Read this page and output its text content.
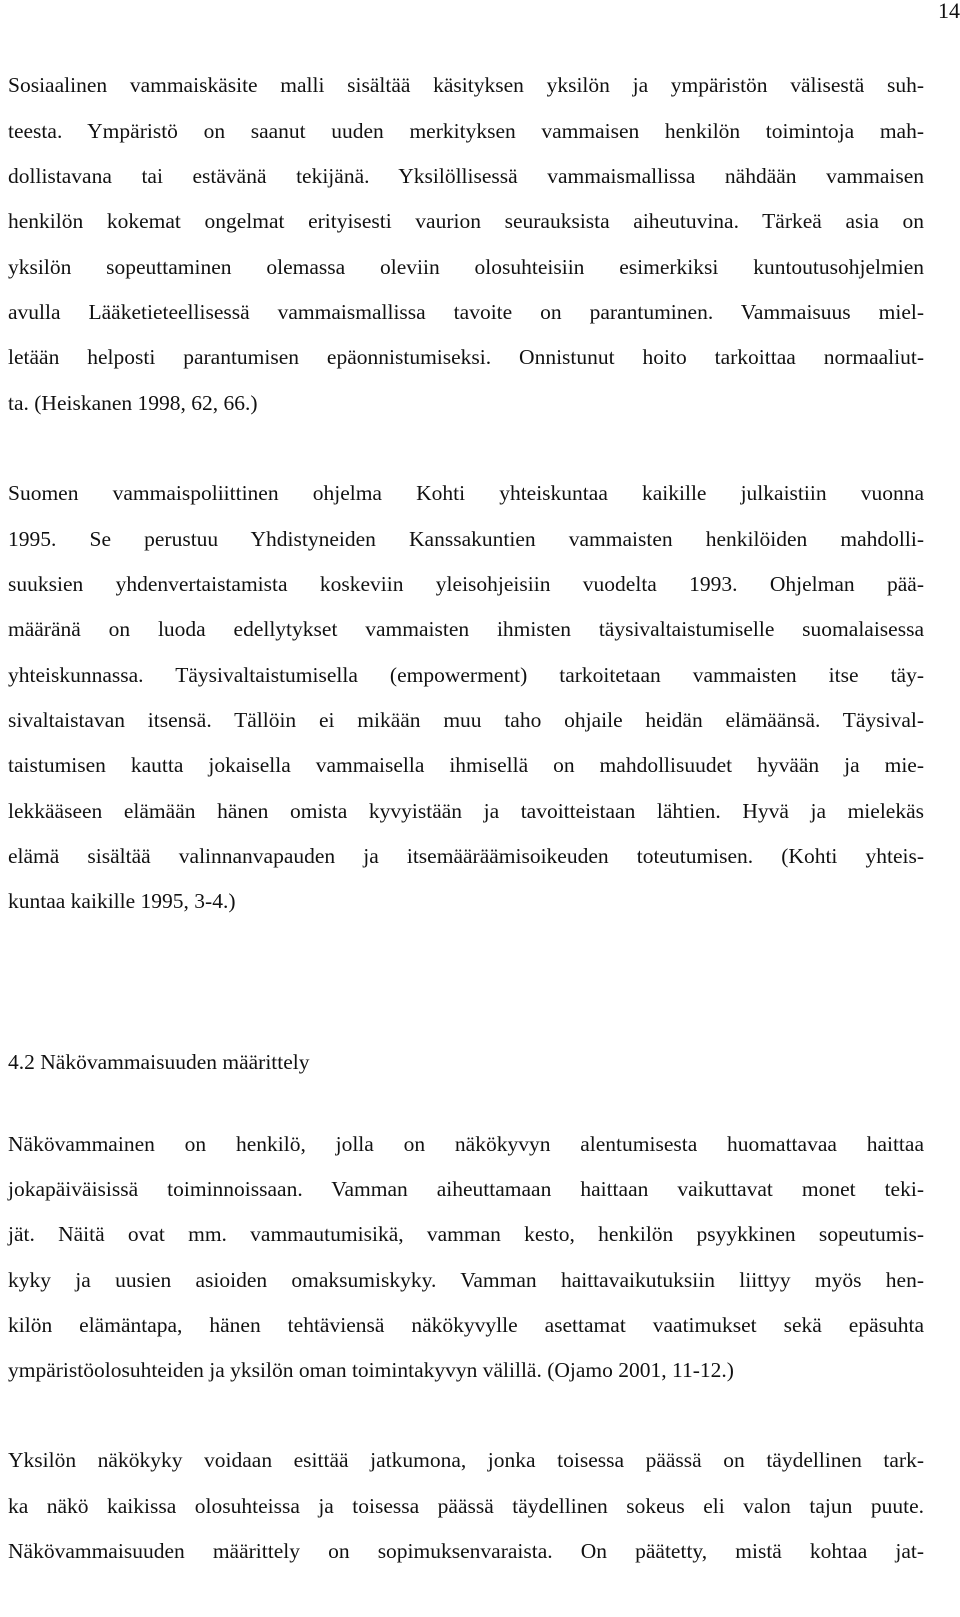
14
Sosiaalinen vammaiskäsite malli sisältää käsityksen yksilön ja ympäristön välisestä suh-
teesta. Ympäristö on saanut uuden merkityksen vammaisen henkilön toimintoja mah-
dollistavana tai estävänä tekijänä. Yksilöllisessä vammaismallissa nähdään vammaisen
henkilön kokemat ongelmat erityisesti vaurion seurauksista aiheutuvina. Tärkeä asia on
yksilön sopeuttaminen olemassa oleviin olosuhteisiin esimerkiksi kuntoutusohjelmien
avulla Lääketieteellisessä vammaismallissa tavoite on parantuminen. Vammaisuus miel-
letään helposti parantumisen epäonnistumiseksi. Onnistunut hoito tarkoittaa normaaliut-
ta. (Heiskanen 1998, 62, 66.)
Suomen vammaispoliittinen ohjelma Kohti yhteiskuntaa kaikille julkaistiin vuonna
1995. Se perustuu Yhdistyneiden Kanssakuntien vammaisten henkilöiden mahdolli-
suuksien yhdenvertaistamista koskeviin yleisohjeisiin vuodelta 1993. Ohjelman pää-
määränä on luoda edellytykset vammaisten ihmisten täysivaltaistumiselle suomalaisessa
yhteiskunnassa. Täysivaltaistumisella (empowerment) tarkoitetaan vammaisten itse täy-
sivaltaistavan itsensä. Tällöin ei mikään muu taho ohjaile heidän elämäänsä. Täysival-
taistumisen kautta jokaisella vammaisella ihmisellä on mahdollisuudet hyvään ja mie-
lekkääseen elämään hänen omista kyvyistään ja tavoitteistaan lähtien. Hyvä ja mielekäs
elämä sisältää valinnanvapauden ja itsemääräämisoikeuden toteutumisen. (Kohti yhteis-
kuntaa kaikille 1995, 3-4.)
4.2 Näkövammaisuuden määrittely
Näkövammainen on henkilö, jolla on näkökyvyn alentumisesta huomattavaa haittaa
jokapäiväisissä toiminnoissaan. Vamman aiheuttamaan haittaan vaikuttavat monet teki-
jät. Näitä ovat mm. vammautumisikä, vamman kesto, henkilön psyykkinen sopeutumis-
kyky ja uusien asioiden omaksumiskyky. Vamman haittavaikutuksiin liittyy myös hen-
kilön elämäntapa, hänen tehtäviensä näkökyvylle asettamat vaatimukset sekä epäsuhta
ympäristöolosuhteiden ja yksilön oman toimintakyvyn välillä. (Ojamo 2001, 11-12.)
Yksilön näkökyky voidaan esittää jatkumona, jonka toisessa päässä on täydellinen tark-
ka näkö kaikissa olosuhteissa ja toisessa päässä täydellinen sokeus eli valon tajun puute.
Näkövammaisuuden määrittely on sopimuksenvaraista. On päätetty, mistä kohtaa jat-
